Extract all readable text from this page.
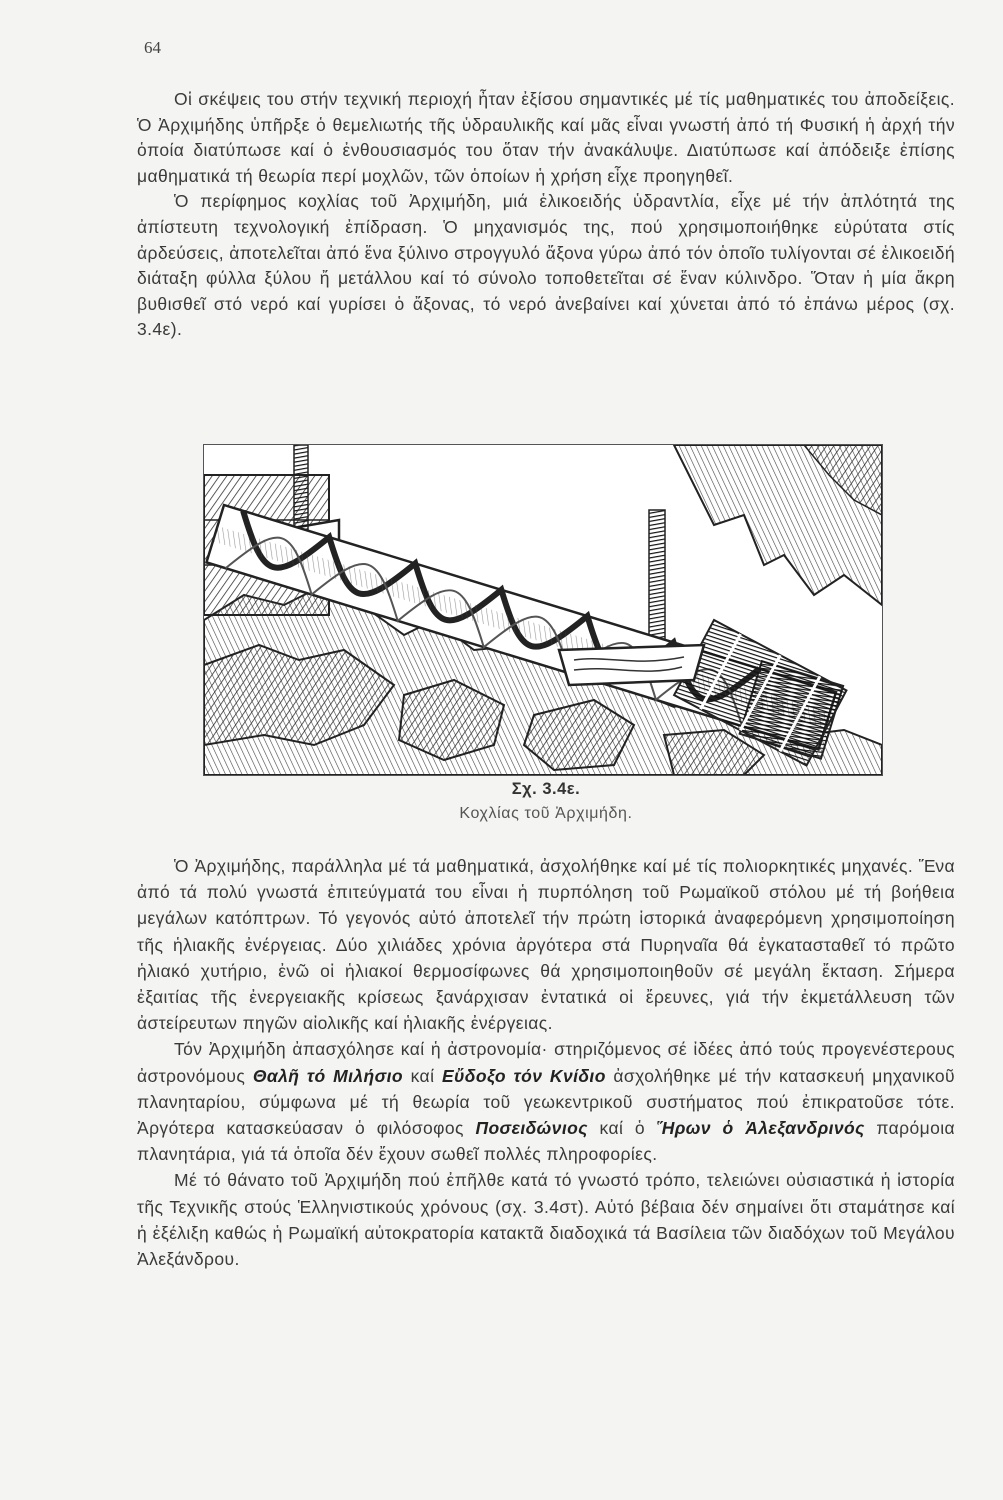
64

Οἱ σκέψεις του στήν τεχνική περιοχή ἦταν ἐξίσου σημαντικές μέ τίς μαθηματικές του ἀποδείξεις. Ὁ Ἀρχιμήδης ὑπῆρξε ὁ θεμελιωτής τῆς ὑδραυλικῆς καί μᾶς εἶναι γνωστή ἀπό τή Φυσική ἡ ἀρχή τήν ὁποία διατύπωσε καί ὁ ἐνθουσιασμός του ὅταν τήν ἀνακάλυψε. Διατύπωσε καί ἀπόδειξε ἐπίσης μαθηματικά τή θεωρία περί μοχλῶν, τῶν ὁποίων ἡ χρήση εἶχε προηγηθεῖ.

Ὁ περίφημος κοχλίας τοῦ Ἀρχιμήδη, μιά ἑλικοειδής ὑδραντλία, εἶχε μέ τήν ἁπλότητά της ἀπίστευτη τεχνολογική ἐπίδραση. Ὁ μηχανισμός της, πού χρησιμοποιήθηκε εὐρύτατα στίς ἀρδεύσεις, ἀποτελεῖται ἀπό ἕνα ξύλινο στρογγυλό ἄξονα γύρω ἀπό τόν ὁποῖο τυλίγονται σέ ἑλικοειδή διάταξη φύλλα ξύλου ἤ μετάλλου καί τό σύνολο τοποθετεῖται σέ ἕναν κύλινδρο. Ὅταν ἡ μία ἄκρη βυθισθεῖ στό νερό καί γυρίσει ὁ ἄξονας, τό νερό ἀνεβαίνει καί χύνεται ἀπό τό ἐπάνω μέρος (σχ. 3.4ε).

Σχ. 3.4ε.
Κοχλίας τοῦ Ἀρχιμήδη.

Ὁ Ἀρχιμήδης, παράλληλα μέ τά μαθηματικά, ἀσχολήθηκε καί μέ τίς πολιορκητικές μηχανές. Ἕνα ἀπό τά πολύ γνωστά ἐπιτεύγματά του εἶναι ἡ πυρπόληση τοῦ Ρωμαϊκοῦ στόλου μέ τή βοήθεια μεγάλων κατόπτρων. Τό γεγονός αὐτό ἀποτελεῖ τήν πρώτη ἱστορικά ἀναφερόμενη χρησιμοποίηση τῆς ἡλιακῆς ἐνέργειας. Δύο χιλιάδες χρόνια ἀργότερα στά Πυρηναῖα θά ἐγκατασταθεῖ τό πρῶτο ἡλιακό χυτήριο, ἐνῶ οἱ ἡλιακοί θερμοσίφωνες θά χρησιμοποιηθοῦν σέ μεγάλη ἔκταση. Σήμερα ἐξαιτίας τῆς ἐνεργειακῆς κρίσεως ξανάρχισαν ἐντατικά οἱ ἔρευνες, γιά τήν ἐκμετάλλευση τῶν ἀστείρευτων πηγῶν αἰολικῆς καί ἡλιακῆς ἐνέργειας.

Τόν Ἀρχιμήδη ἀπασχόλησε καί ἡ ἀστρονομία· στηριζόμενος σέ ἰδέες ἀπό τούς προγενέστερους ἀστρονόμους Θαλῆ τό Μιλήσιο καί Εὔδοξο τόν Κνίδιο ἀσχολήθηκε μέ τήν κατασκευή μηχανικοῦ πλανηταρίου, σύμφωνα μέ τή θεωρία τοῦ γεωκεντρικοῦ συστήματος πού ἐπικρατοῦσε τότε. Ἀργότερα κατασκεύασαν ὁ φιλόσοφος Ποσειδώνιος καί ὁ Ἥρων ὁ Ἀλεξανδρινός παρόμοια πλανητάρια, γιά τά ὁποῖα δέν ἔχουν σωθεῖ πολλές πληροφορίες.

Μέ τό θάνατο τοῦ Ἀρχιμήδη πού ἐπῆλθε κατά τό γνωστό τρόπο, τελειώνει οὐσιαστικά ἡ ἱστορία τῆς Τεχνικῆς στούς Ἑλληνιστικούς χρόνους (σχ. 3.4στ). Αὐτό βέβαια δέν σημαίνει ὅτι σταμάτησε καί ἡ ἐξέλιξη καθώς ἡ Ρωμαϊκή αὐτοκρατορία κατακτᾶ διαδοχικά τά Βασίλεια τῶν διαδόχων τοῦ Μεγάλου Ἀλεξάνδρου.
